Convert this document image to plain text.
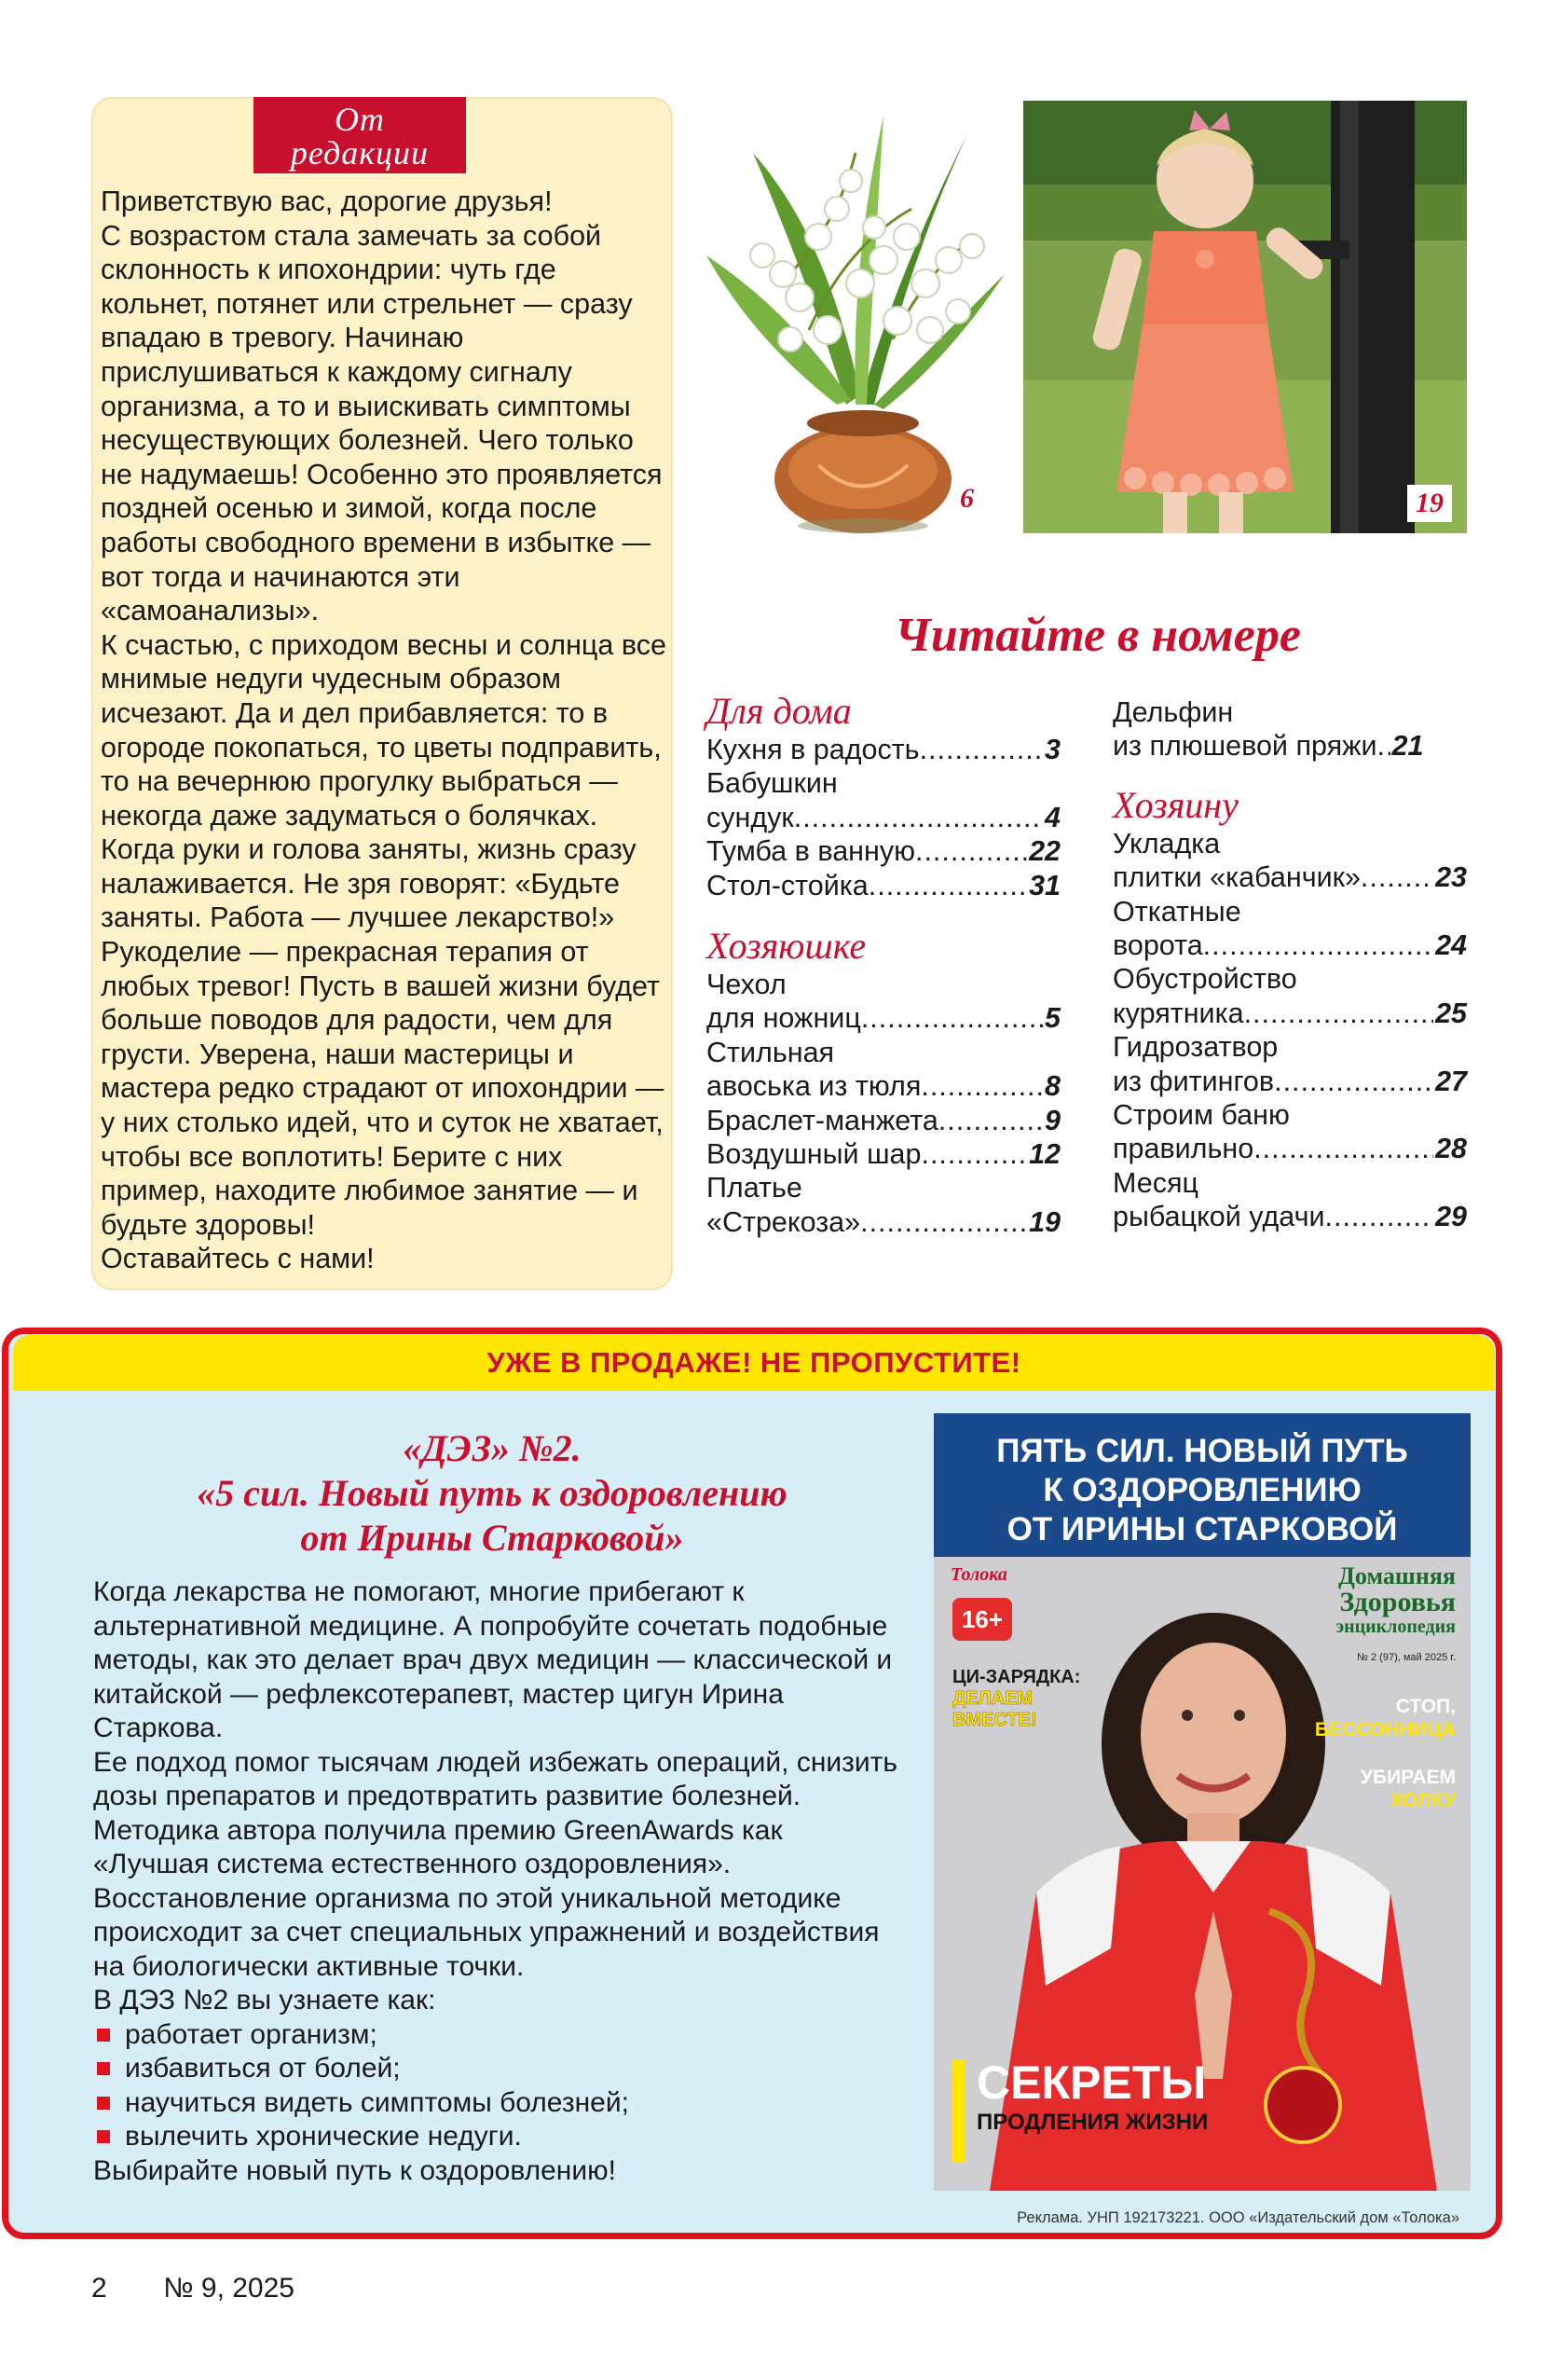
От
редакции

Приветствую вас, дорогие друзья!

С возрастом стала замечать за собой склонность к ипохондрии: чуть где кольнет, потянет или стрельнет — сразу впадаю в тревогу. Начинаю прислушиваться к каждому сигналу организма, а то и выискивать симптомы несуществующих болезней. Чего только не надумаешь! Особенно это проявляется поздней осенью и зимой, когда после работы свободного времени в избытке — вот тогда и начинаются эти «самоанализы».

К счастью, с приходом весны и солнца все мнимые недуги чудесным образом исчезают. Да и дел прибавляется: то в огороде покопаться, то цветы подправить, то на вечернюю прогулку выбраться — некогда даже задуматься о болячках. Когда руки и голова заняты, жизнь сразу налаживается. Не зря говорят: «Будьте заняты. Работа — лучшее лекарство!» Рукоделие — прекрасная терапия от любых тревог! Пусть в вашей жизни будет больше поводов для радости, чем для грусти. Уверена, наши мастерицы и мастера редко страдают от ипохондрии — у них столько идей, что и суток не хватает, чтобы все воплотить! Берите с них пример, находите любимое занятие — и будьте здоровы!

Оставайтесь с нами!

6	19
Читайте в номере
Для дома
Кухня в радость .....	3
Бабушкин
сундук .....	4
Тумба в ванную .....	22
Стол-стойка .....	31
Хозяюшке
Чехол
для ножниц .....	5
Стильная
авоська из тюля .....	8
Браслет-манжета .....	9
Воздушный шар .....	12
Платье
«Стрекоза» .....	19
Дельфин
из плюшевой пряжи ..... 21
Хозяину
Укладка
плитки «кабанчик» .....	23
Откатные
ворота .....	24
Обустройство
курятника .....	25
Гидрозатвор
из фитингов .....	27
Строим баню
правильно .....	28
Месяц
рыбацкой удачи .....	29
УЖЕ В ПРОДАЖЕ! НЕ ПРОПУСТИТЕ!
«ДЭЗ» №2.
«5 сил. Новый путь к оздоровлению
от Ирины Старковой»

Когда лекарства не помогают, многие прибегают к альтернативной медицине. А попробуйте сочетать подобные методы, как это делает врач двух медицин — классической и китайской — рефлексотерапевт, мастер цигун Ирина Старкова.

Ее подход помог тысячам людей избежать операций, снизить дозы препаратов и предотвратить развитие болезней. Методика автора получила премию GreenAwards как «Лучшая система естественного оздоровления». Восстановление организма по этой уникальной методике происходит за счет специальных упражнений и воздействия на биологически активные точки.

В ДЭЗ №2 вы узнаете как:

работает организм;
избавиться от болей;
научиться видеть симптомы болезней;
вылечить хронические недуги.

Выбирайте новый путь к оздоровлению!

ПЯТЬ СИЛ. НОВЫЙ ПУТЬ
К ОЗДОРОВЛЕНИЮ
ОТ ИРИНЫ СТАРКОВОЙ
Толока
16+
Домашняя
Здоровья
энциклопедия
№ 2 (97), май 2025 г.
ЦИ-ЗАРЯДКА:
ДЕЛАЕМ
ВМЕСТЕ!
СТОП,
БЕССОННИЦА
УБИРАЕМ
ХОЛКУ
СЕКРЕТЫ
ПРОДЛЕНИЯ ЖИЗНИ
Реклама. УНП 192173221. ООО «Издательский дом «Толока»
2 № 9, 2025
